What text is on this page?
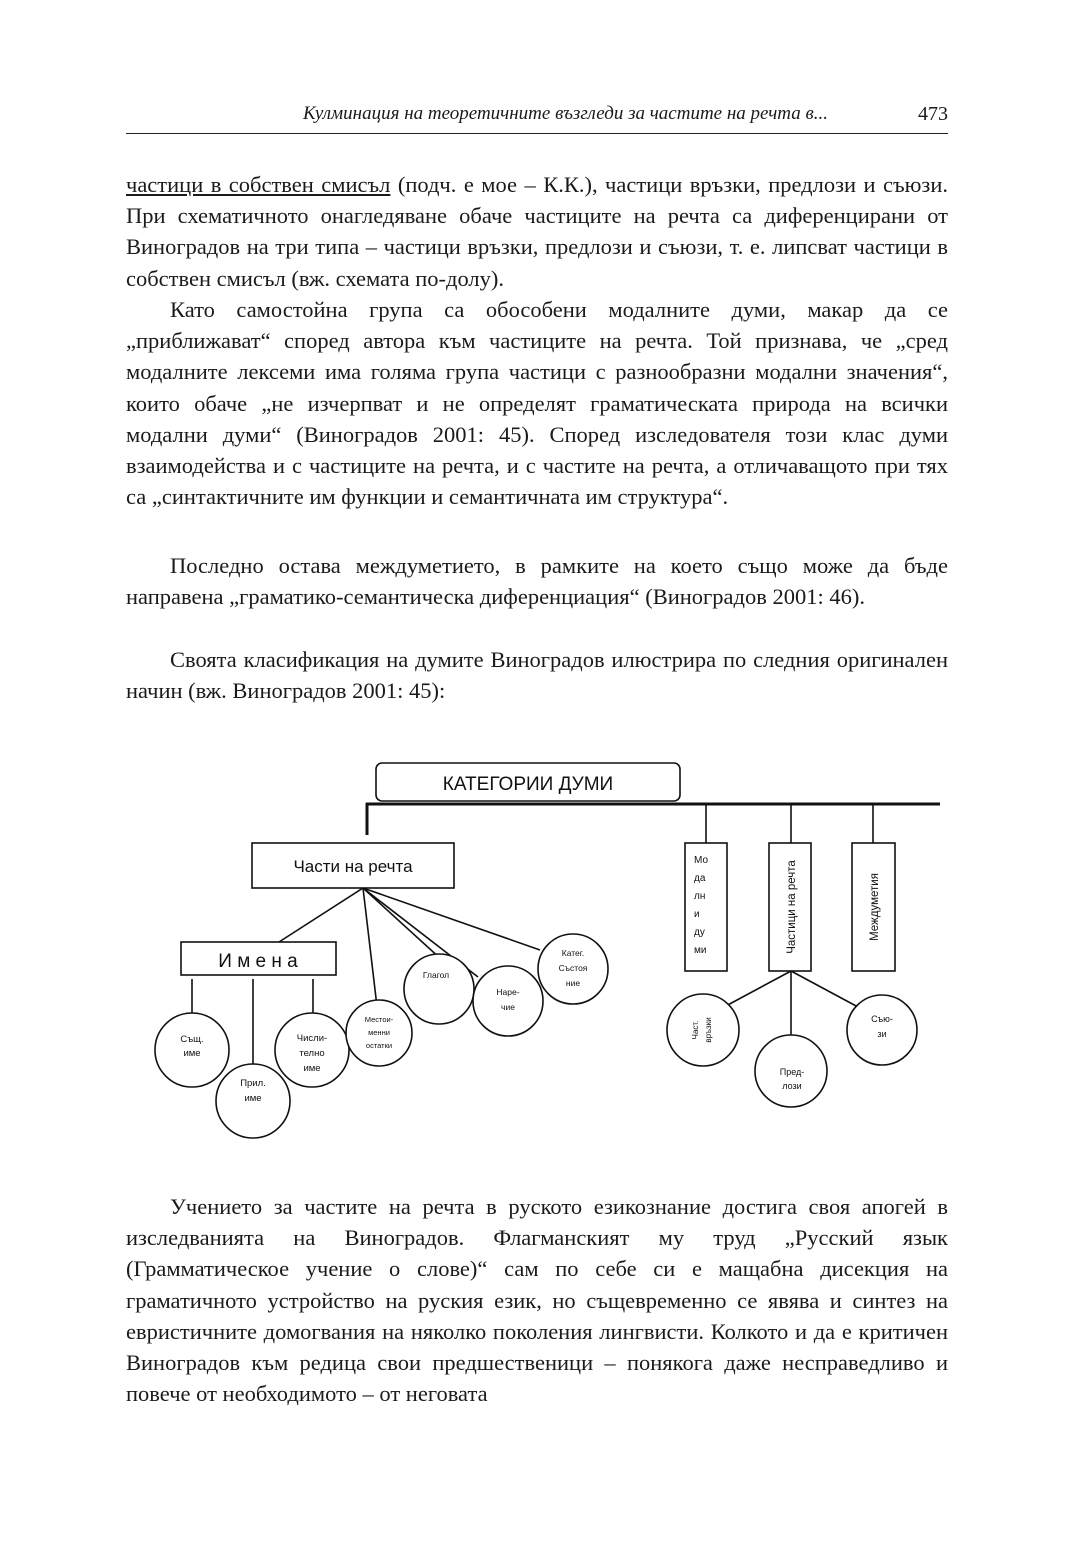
Кулминация на теоретичните възгледи за частите на речта в...	473

частици в собствен смисъл (подч. е мое – К.К.), частици връзки, предлози и съюзи. При схематичното онагледяване обаче частиците на речта са диференцирани от Виноградов на три типа – частици връзки, предлози и съюзи, т. е. липсват частици в собствен смисъл (вж. схемата по-долу).

Като самостойна група са обособени модалните думи, макар да се „приближават“ според автора към частиците на речта. Той признава, че „сред модалните лексеми има голяма група частици с разнообразни модални значения“, които обаче „не изчерпват и не определят граматическата природа на всички модални думи“ (Виноградов 2001: 45). Според изследователя този клас думи взаимодейства и с частиците на речта, и с частите на речта, а отличаващото при тях са „синтактичните им функции и семантичната им структура“.

Последно остава междуметието, в рамките на което също може да бъде направена „граматико-семантическа диференциация“ (Виноградов 2001: 46).

Своята класификация на думите Виноградов илюстрира по следния оригинален начин (вж. Виноградов 2001: 45):

КАТЕГОРИИ ДУМИ
Части на речта
И м е н а
Същ.
име
Прил.
име
Числи-
телно
име
Местои-
менни
остатки
Глагол
Наре-
чие
Катег.
Състоя
ние
Пред-
лози
Съю-
зи
Мо
да
лн
и
ду
ми	Частици на речта	Междуметия
Част. връзки

Учението за частите на речта в руското езикознание достига своя апогей в изследванията на Виноградов. Флагманският му труд „Русский язык (Грамматическое учение о слове)“ сам по себе си е мащабна дисекция на граматичното устройство на руския език, но същевременно се явява и синтез на евристичните домогвания на няколко поколения лингвисти. Колкото и да е критичен Виноградов към редица свои предшественици – понякога даже несправедливо и повече от необходимото – от неговата
